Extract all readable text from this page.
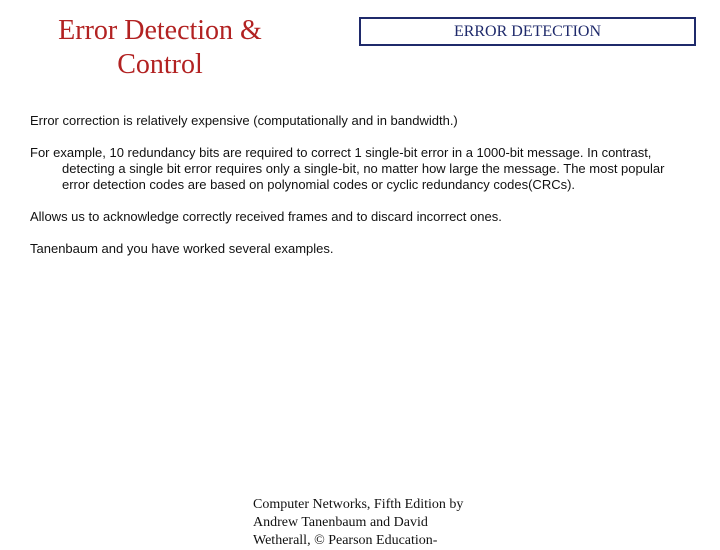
Error Detection & Control
ERROR DETECTION

Error correction is relatively expensive (computationally and in bandwidth.)

For example, 10 redundancy bits are required to correct 1 single-bit error in a 1000-bit message. In contrast, detecting a single bit error requires only a single-bit, no matter how large the message. The most popular error detection codes are based on polynomial codes or cyclic redundancy codes(CRCs).

Allows us to acknowledge correctly received frames and to discard incorrect ones.

Tanenbaum and you have worked several examples.

Computer Networks, Fifth Edition by Andrew Tanenbaum and David Wetherall, © Pearson Education-
